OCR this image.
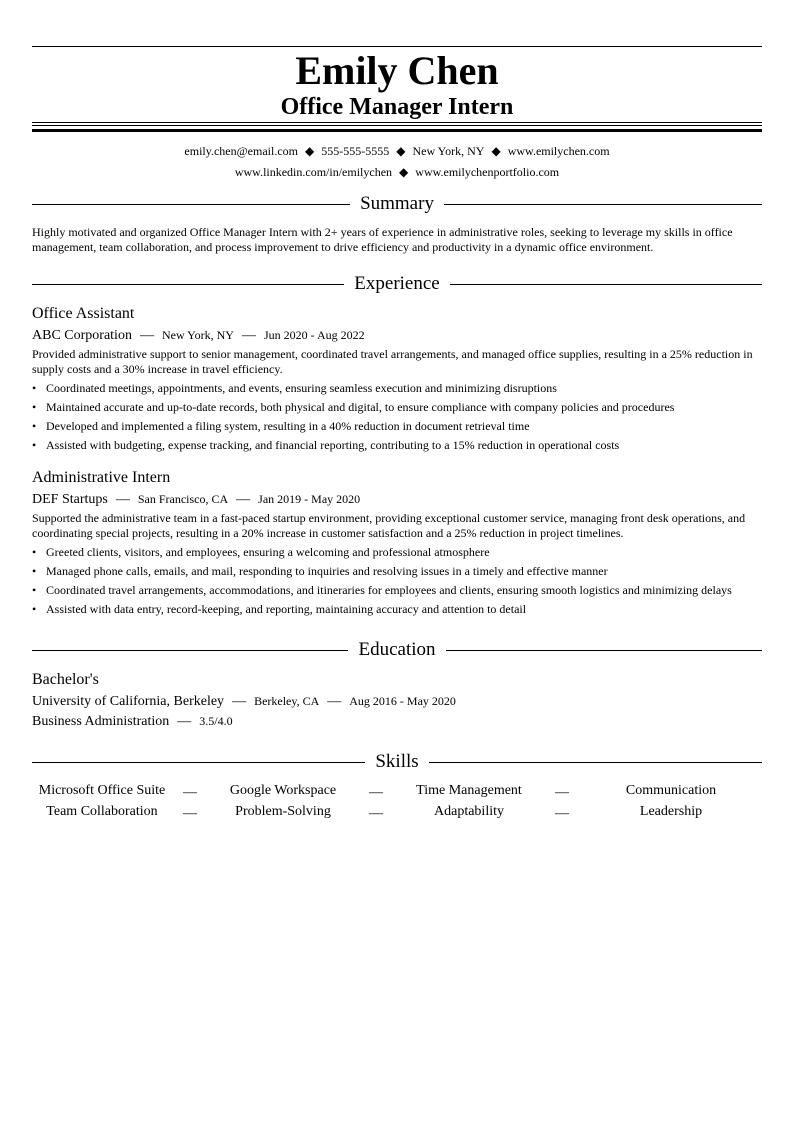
Emily Chen
Office Manager Intern
emily.chen@email.com ◆ 555-555-5555 ◆ New York, NY ◆ www.emilychen.com
www.linkedin.com/in/emilychen ◆ www.emilychenportfolio.com
Summary
Highly motivated and organized Office Manager Intern with 2+ years of experience in administrative roles, seeking to leverage my skills in office management, team collaboration, and process improvement to drive efficiency and productivity in a dynamic office environment.
Experience
Office Assistant
ABC Corporation — New York, NY — Jun 2020 - Aug 2022
Provided administrative support to senior management, coordinated travel arrangements, and managed office supplies, resulting in a 25% reduction in supply costs and a 30% increase in travel efficiency.
• Coordinated meetings, appointments, and events, ensuring seamless execution and minimizing disruptions
• Maintained accurate and up-to-date records, both physical and digital, to ensure compliance with company policies and procedures
• Developed and implemented a filing system, resulting in a 40% reduction in document retrieval time
• Assisted with budgeting, expense tracking, and financial reporting, contributing to a 15% reduction in operational costs
Administrative Intern
DEF Startups — San Francisco, CA — Jan 2019 - May 2020
Supported the administrative team in a fast-paced startup environment, providing exceptional customer service, managing front desk operations, and coordinating special projects, resulting in a 20% increase in customer satisfaction and a 25% reduction in project timelines.
• Greeted clients, visitors, and employees, ensuring a welcoming and professional atmosphere
• Managed phone calls, emails, and mail, responding to inquiries and resolving issues in a timely and effective manner
• Coordinated travel arrangements, accommodations, and itineraries for employees and clients, ensuring smooth logistics and minimizing delays
• Assisted with data entry, record-keeping, and reporting, maintaining accuracy and attention to detail
Education
Bachelor's
University of California, Berkeley — Berkeley, CA — Aug 2016 - May 2020
Business Administration — 3.5/4.0
Skills
Microsoft Office Suite	—	Google Workspace	—	Time Management	—	Communication
Team Collaboration	—	Problem-Solving	—	Adaptability	—	Leadership
